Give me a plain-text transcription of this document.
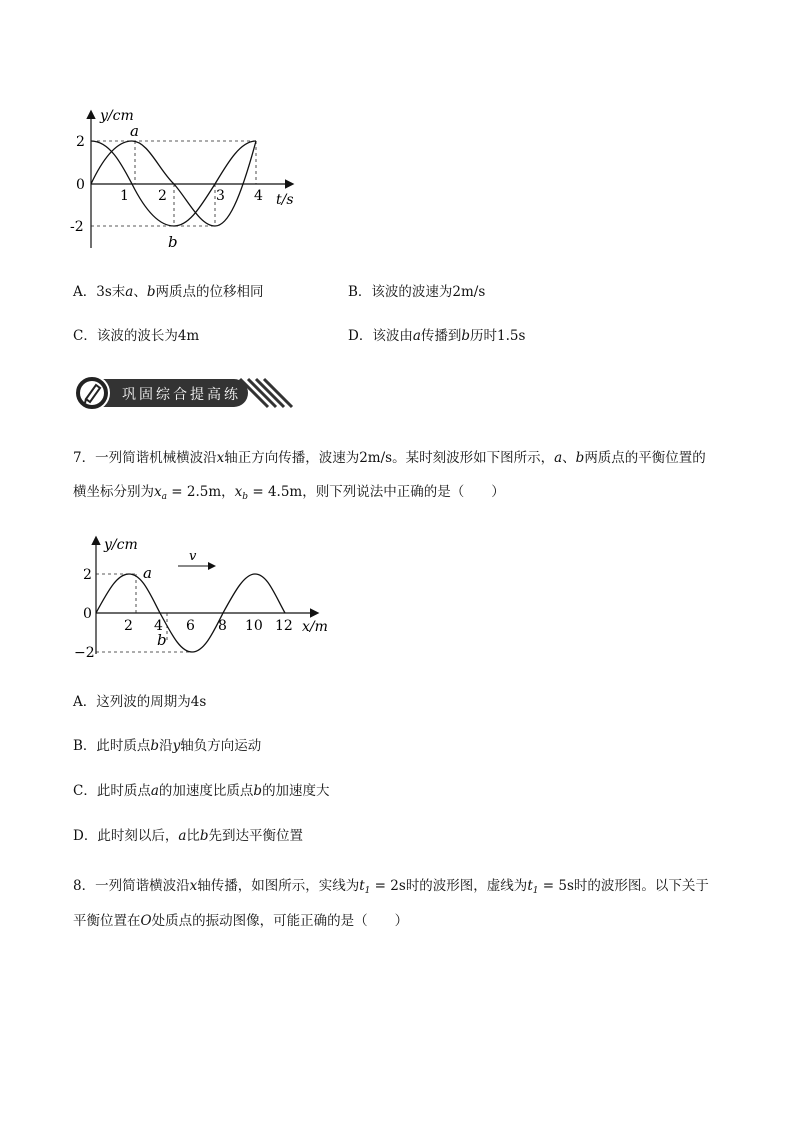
y/cm
t/s
2
0
-2
1 2	3 4
a
b
A．3s末a、b两质点的位移相同	B．该波的波速为2m/s
C．该波的波长为4m	D．该波由a传播到b历时1.5s
巩固综合提高练
7．一列简谐机械横波沿x轴正方向传播，波速为2m/s。某时刻波形如下图所示，a、b两质点的平衡位置的
横坐标分别为$x_a = 2.5m$，$x_b = 4.5m$，则下列说法中正确的是（　　）
y/cm
x/m
v
2
0
−2
2 4 6 8 10 12
a
b
A．这列波的周期为4s
B．此时质点b沿y轴负方向运动
C．此时质点a的加速度比质点b的加速度大
D．此时刻以后，a比b先到达平衡位置
8．一列简谐横波沿x轴传播，如图所示，实线为$t_1 = 2s$时的波形图，虚线为$t_1 = 5s$时的波形图。以下关于
平衡位置在O处质点的振动图像，可能正确的是（　　）
